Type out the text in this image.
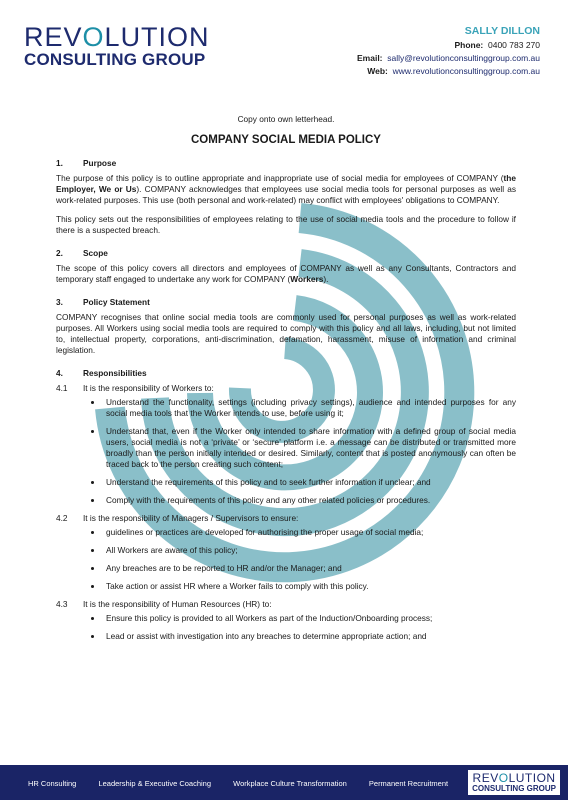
REVOLUTION
CONSULTING GROUP
SALLY DILLON
Phone: 0400 783 270
Email: sally@revolutionconsultinggroup.com.au
Web: www.revolutionconsultinggroup.com.au
Copy onto own letterhead.
COMPANY SOCIAL MEDIA POLICY
1. Purpose

The purpose of this policy is to outline appropriate and inappropriate use of social media for employees of COMPANY (the Employer, We or Us). COMPANY acknowledges that employees use social media tools for personal purposes as well as work-related purposes. This use (both personal and work-related) may conflict with employees' obligations to COMPANY.

This policy sets out the responsibilities of employees relating to the use of social media tools and the procedure to follow if there is a suspected breach.

2. Scope

The scope of this policy covers all directors and employees of COMPANY as well as any Consultants, Contractors and temporary staff engaged to undertake any work for COMPANY (Workers).

3. Policy Statement

COMPANY recognises that online social media tools are commonly used for personal purposes as well as work-related purposes. All Workers using social media tools are required to comply with this policy and all laws, including, but not limited to, intellectual property, corporations, anti-discrimination, defamation, harassment, misuse of information and criminal legislation.

4. Responsibilities
4.1	It is the responsibility of Workers to:
• Understand the functionality, settings (including privacy settings), audience and intended purposes for any social media tools that the Worker intends to use, before using it;
• Understand that, even if the Worker only intended to share information with a defined group of social media users, social media is not a ‘private’ or ‘secure’ platform i.e. a message can be distributed or transmitted more broadly than the person initially intended or desired. Similarly, content that is posted anonymously can often be traced back to the person creating such content;
• Understand the requirements of this policy and to seek further information if unclear; and
• Comply with the requirements of this policy and any other related policies or procedures.
4.2	It is the responsibility of Managers / Supervisors to ensure:
• guidelines or practices are developed for authorising the proper usage of social media;
• All Workers are aware of this policy;
• Any breaches are to be reported to HR and/or the Manager; and
• Take action or assist HR where a Worker fails to comply with this policy.
4.3	It is the responsibility of Human Resources (HR) to:
• Ensure this policy is provided to all Workers as part of the Induction/Onboarding process;
• Lead or assist with investigation into any breaches to determine appropriate action; and
HR Consulting	Leadership & Executive Coaching	Workplace Culture Transformation	Permanent Recruitment	REVOLUTION
CONSULTING GROUP
